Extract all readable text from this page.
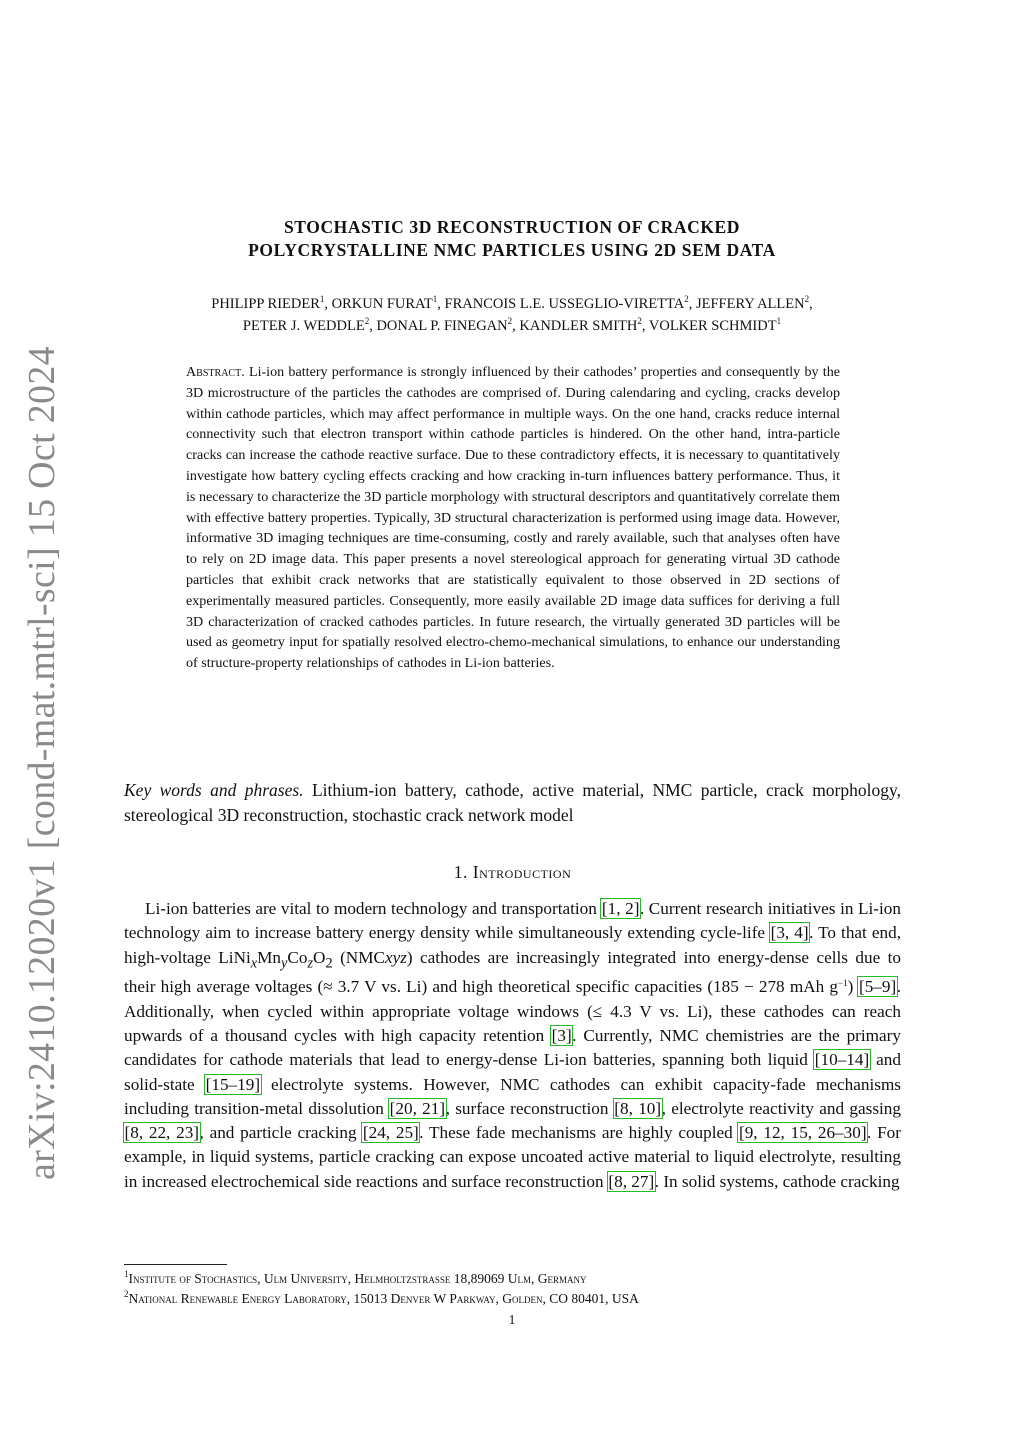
arXiv:2410.12020v1 [cond-mat.mtrl-sci] 15 Oct 2024
STOCHASTIC 3D RECONSTRUCTION OF CRACKED
POLYCRYSTALLINE NMC PARTICLES USING 2D SEM DATA
PHILIPP RIEDER$^1$, ORKUN FURAT$^1$, FRANCOIS L.E. USSEGLIO-VIRETTA$^2$, JEFFERY ALLEN$^2$,
PETER J. WEDDLE$^2$, DONAL P. FINEGAN$^2$, KANDLER SMITH$^2$, VOLKER SCHMIDT$^1$
Abstract. Li-ion battery performance is strongly influenced by their cathodes’ properties and consequently by the 3D microstructure of the particles the cathodes are comprised of. During calendaring and cycling, cracks develop within cathode particles, which may affect performance in multiple ways. On the one hand, cracks reduce internal connectivity such that electron transport within cathode particles is hindered. On the other hand, intra-particle cracks can increase the cathode reactive surface. Due to these contradictory effects, it is necessary to quantitatively investigate how battery cycling effects cracking and how cracking in-turn influences battery performance. Thus, it is necessary to characterize the 3D particle morphology with structural descriptors and quantitatively correlate them with effective battery properties. Typically, 3D structural characterization is performed using image data. However, informative 3D imaging techniques are time-consuming, costly and rarely available, such that analyses often have to rely on 2D image data. This paper presents a novel stereological approach for generating virtual 3D cathode particles that exhibit crack networks that are statistically equivalent to those observed in 2D sections of experimentally measured particles. Consequently, more easily available 2D image data suffices for deriving a full 3D characterization of cracked cathodes particles. In future research, the virtually generated 3D particles will be used as geometry input for spatially resolved electro-chemo-mechanical simulations, to enhance our understanding of structure-property relationships of cathodes in Li-ion batteries.
Key words and phrases. Lithium-ion battery, cathode, active material, NMC particle, crack morphology, stereological 3D reconstruction, stochastic crack network model
1. Introduction
Li-ion batteries are vital to modern technology and transportation [1, 2]. Current research initiatives in Li-ion technology aim to increase battery energy density while simultaneously extending cycle-life [3, 4]. To that end, high-voltage $LiNi_xMn_yCo_zO_2$ (NMCxyz) cathodes are increasingly integrated into energy-dense cells due to their high average voltages (≈ 3.7 V vs. Li) and high theoretical specific capacities (185 − 278 mAh $g^{-1}$) [5–9]. Additionally, when cycled within appropriate voltage windows (≤ 4.3 V vs. Li), these cathodes can reach upwards of a thousand cycles with high capacity retention [3]. Currently, NMC chemistries are the primary candidates for cathode materials that lead to energy-dense Li-ion batteries, spanning both liquid [10–14] and solid-state [15–19] electrolyte systems. However, NMC cathodes can exhibit capacity-fade mechanisms including transition-metal dissolution [20, 21], surface reconstruction [8, 10], electrolyte reactivity and gassing [8, 22, 23], and particle cracking [24, 25]. These fade mechanisms are highly coupled [9, 12, 15, 26–30]. For example, in liquid systems, particle cracking can expose uncoated active material to liquid electrolyte, resulting in increased electrochemical side reactions and surface reconstruction [8, 27]. In solid systems, cathode cracking
$^1$Institute of Stochastics, Ulm University, Helmholtzstraße 18,89069 Ulm, Germany
$^2$National Renewable Energy Laboratory, 15013 Denver W Parkway, Golden, CO 80401, USA
1
